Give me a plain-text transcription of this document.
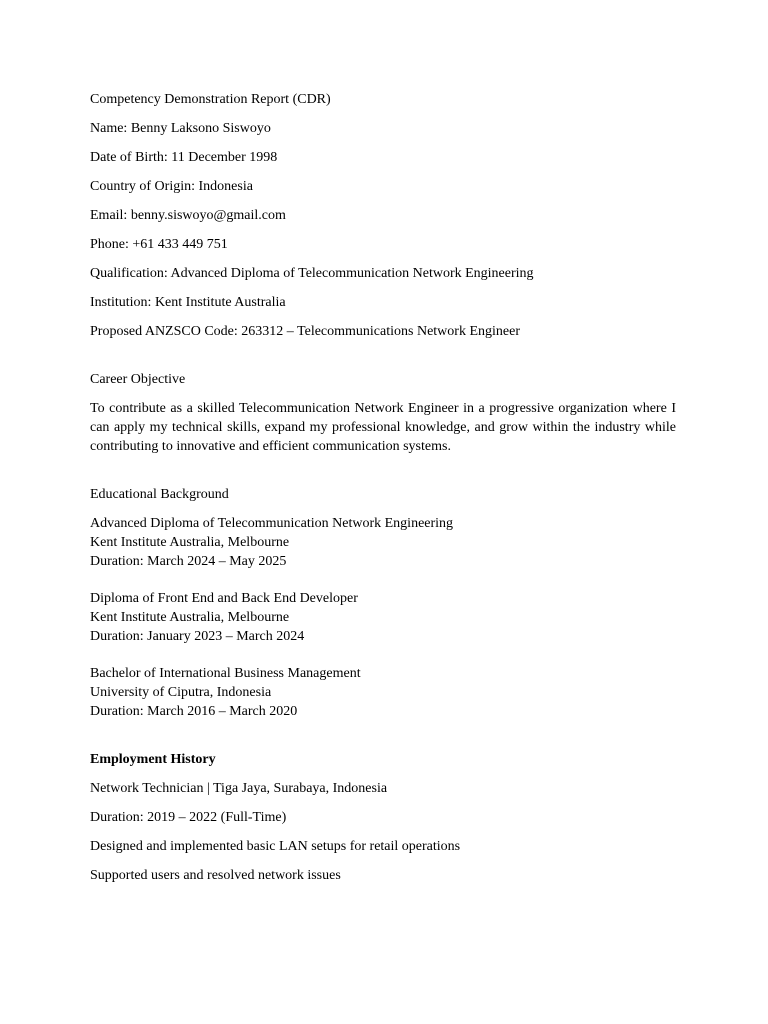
Competency Demonstration Report (CDR)
Name: Benny Laksono Siswoyo
Date of Birth: 11 December 1998
Country of Origin: Indonesia
Email: benny.siswoyo@gmail.com
Phone: +61 433 449 751
Qualification: Advanced Diploma of Telecommunication Network Engineering
Institution: Kent Institute Australia
Proposed ANZSCO Code: 263312 – Telecommunications Network Engineer
Career Objective
To contribute as a skilled Telecommunication Network Engineer in a progressive organization where I can apply my technical skills, expand my professional knowledge, and grow within the industry while contributing to innovative and efficient communication systems.
Educational Background
Advanced Diploma of Telecommunication Network Engineering
Kent Institute Australia, Melbourne
Duration: March 2024 – May 2025
Diploma of Front End and Back End Developer
Kent Institute Australia, Melbourne
Duration: January 2023 – March 2024
Bachelor of International Business Management
University of Ciputra, Indonesia
Duration: March 2016 – March 2020
Employment History
Network Technician | Tiga Jaya, Surabaya, Indonesia
Duration: 2019 – 2022 (Full-Time)
Designed and implemented basic LAN setups for retail operations
Supported users and resolved network issues
